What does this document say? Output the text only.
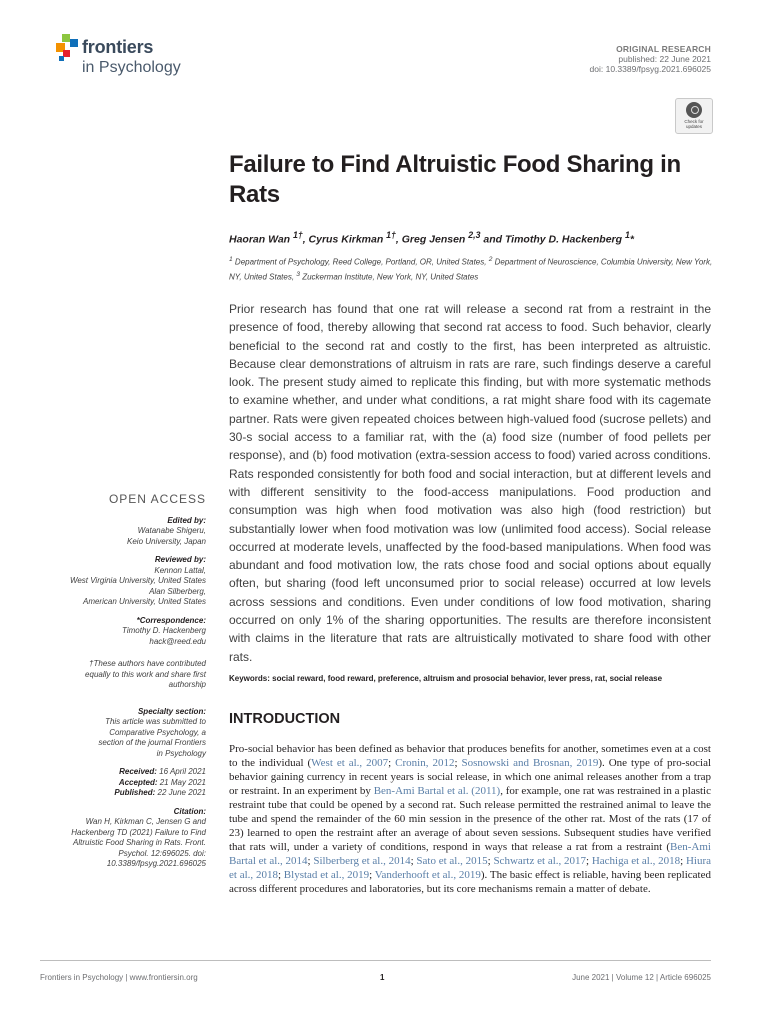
frontiers
in Psychology
ORIGINAL RESEARCH
published: 22 June 2021
doi: 10.3389/fpsyg.2021.696025
Check for updates
Failure to Find Altruistic Food Sharing in Rats
Haoran Wan $^{1\dagger}$, Cyrus Kirkman $^{1\dagger}$, Greg Jensen $^{2,3}$ and Timothy D. Hackenberg $^1$*
$^1$ Department of Psychology, Reed College, Portland, OR, United States, $^2$ Department of Neuroscience, Columbia University, New York, NY, United States, $^3$ Zuckerman Institute, New York, NY, United States
Prior research has found that one rat will release a second rat from a restraint in the presence of food, thereby allowing that second rat access to food. Such behavior, clearly beneficial to the second rat and costly to the first, has been interpreted as altruistic. Because clear demonstrations of altruism in rats are rare, such findings deserve a careful look. The present study aimed to replicate this finding, but with more systematic methods to examine whether, and under what conditions, a rat might share food with its cagemate partner. Rats were given repeated choices between high-valued food (sucrose pellets) and 30-s social access to a familiar rat, with the (a) food size (number of food pellets per response), and (b) food motivation (extra-session access to food) varied across conditions. Rats responded consistently for both food and social interaction, but at different levels and with different sensitivity to the food-access manipulations. Food production and consumption was high when food motivation was also high (food restriction) but substantially lower when food motivation was low (unlimited food access). Social release occurred at moderate levels, unaffected by the food-based manipulations. When food was abundant and food motivation low, the rats chose food and social options about equally often, but sharing (food left unconsumed prior to social release) occurred at low levels across sessions and conditions. Even under conditions of low food motivation, sharing occurred on only 1% of the sharing opportunities. The results are therefore inconsistent with claims in the literature that rats are altruistically motivated to share food with other rats.
Keywords: social reward, food reward, preference, altruism and prosocial behavior, lever press, rat, social release
INTRODUCTION
Pro-social behavior has been defined as behavior that produces benefits for another, sometimes even at a cost to the individual (West et al., 2007; Cronin, 2012; Sosnowski and Brosnan, 2019). One type of pro-social behavior gaining currency in recent years is social release, in which one animal releases another from a trap or restraint. In an experiment by Ben-Ami Bartal et al. (2011), for example, one rat was restrained in a plastic restraint tube that could be opened by a second rat. Such release permitted the restrained animal to leave the tube and spend the remainder of the 60 min session in the presence of the other rat. Most of the rats (17 of 23) learned to open the restraint after an average of about seven sessions. Subsequent studies have verified that rats will, under a variety of conditions, respond in ways that release a rat from a restraint (Ben-Ami Bartal et al., 2014; Silberberg et al., 2014; Sato et al., 2015; Schwartz et al., 2017; Hachiga et al., 2018; Hiura et al., 2018; Blystad et al., 2019; Vanderhooft et al., 2019). The basic effect is reliable, having been replicated across different procedures and laboratories, but its core mechanisms remain a matter of debate.
OPEN ACCESS
Edited by:
Watanabe Shigeru,
Keio University, Japan
Reviewed by:
Kennon Lattal,
West Virginia University, United States
Alan Silberberg,
American University, United States
*Correspondence:
Timothy D. Hackenberg
hack@reed.edu
†These authors have contributed equally to this work and share first authorship
Specialty section:
This article was submitted to Comparative Psychology, a section of the journal Frontiers in Psychology
Received: 16 April 2021
Accepted: 21 May 2021
Published: 22 June 2021
Citation:
Wan H, Kirkman C, Jensen G and Hackenberg TD (2021) Failure to Find Altruistic Food Sharing in Rats. Front. Psychol. 12:696025. doi: 10.3389/fpsyg.2021.696025
Frontiers in Psychology | www.frontiersin.org	1	June 2021 | Volume 12 | Article 696025
